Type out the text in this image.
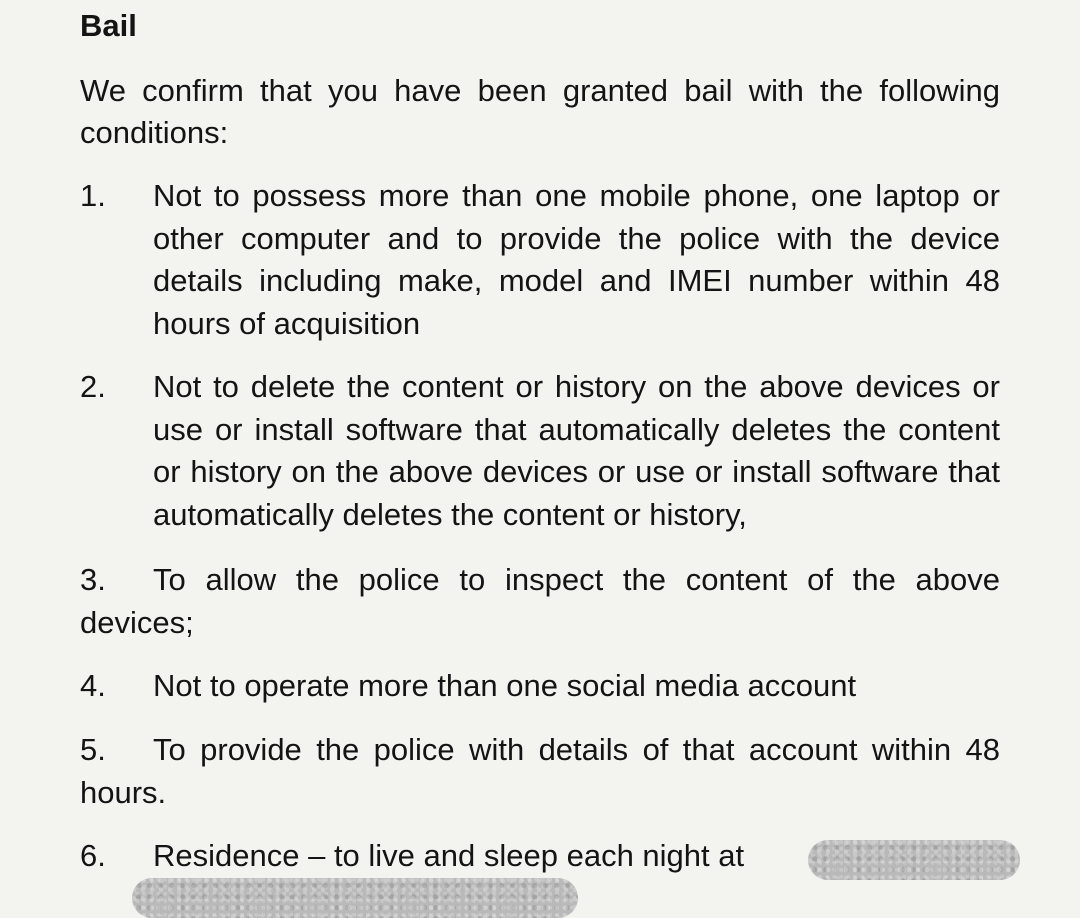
Bail
We confirm that you have been granted bail with the following conditions:
1. Not to possess more than one mobile phone, one laptop or other computer and to provide the police with the device details including make, model and IMEI number within 48 hours of acquisition
2. Not to delete the content or history on the above devices or use or install software that automatically deletes the content or history on the above devices or use or install software that automatically deletes the content or history,
3. To allow the police to inspect the content of the above devices;
4. Not to operate more than one social media account
5. To provide the police with details of that account within 48 hours.
6. Residence – to live and sleep each night at
